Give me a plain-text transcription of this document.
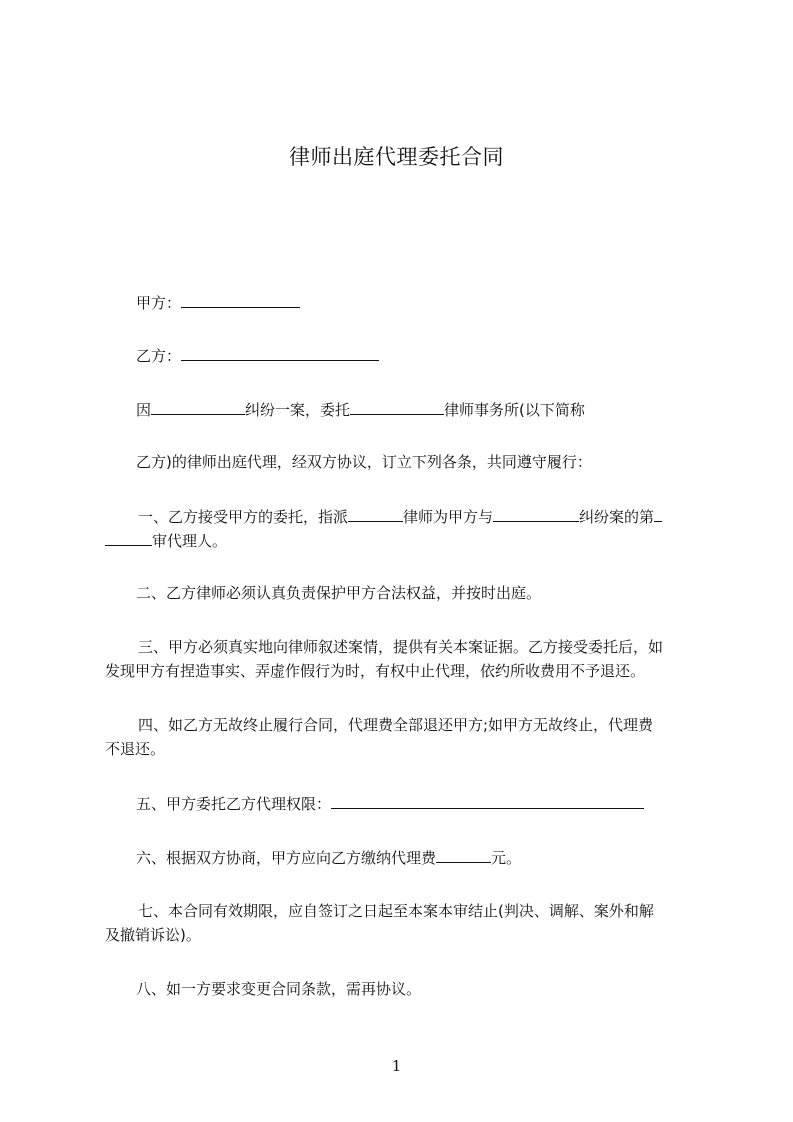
律师出庭代理委托合同
甲方：
乙方：
因	纠纷一案，委托	律师事务所(以下简称
乙方)的律师出庭代理，经双方协议，订立下列各条，共同遵守履行：
一、乙方接受甲方的委托，指派	律师为甲方与	纠纷案的第
审代理人。
二、乙方律师必须认真负责保护甲方合法权益，并按时出庭。
三、甲方必须真实地向律师叙述案情，提供有关本案证据。乙方接受委托后，如
发现甲方有捏造事实、弄虚作假行为时，有权中止代理，依约所收费用不予退还。
四、如乙方无故终止履行合同，代理费全部退还甲方;如甲方无故终止，代理费
不退还。
五、甲方委托乙方代理权限：
六、根据双方协商，甲方应向乙方缴纳代理费	元。
七、本合同有效期限，应自签订之日起至本案本审结止(判决、调解、案外和解
及撤销诉讼)。
八、如一方要求变更合同条款，需再协议。
1
